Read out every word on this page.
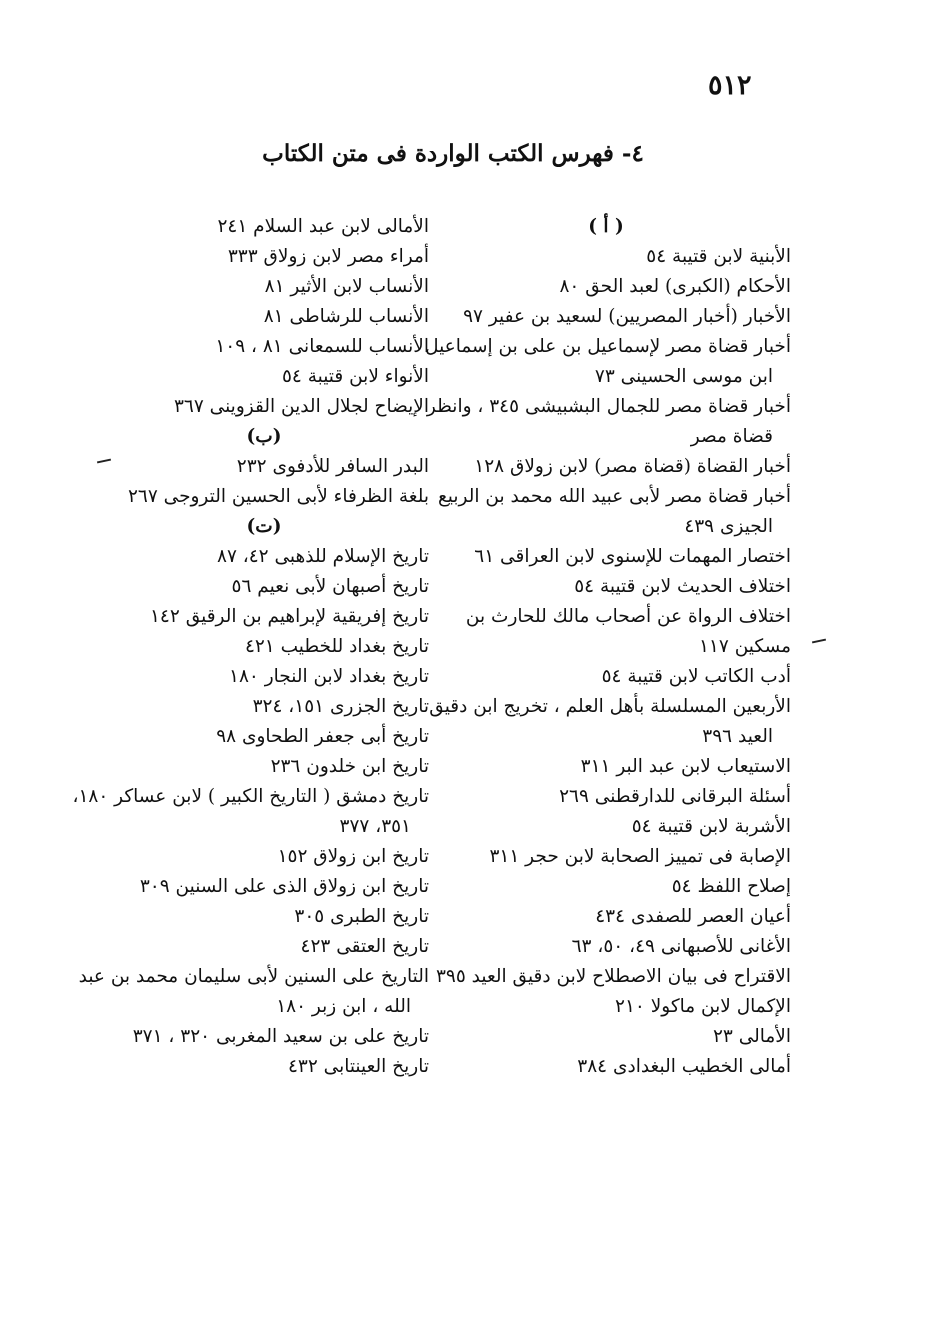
٥١٢
٤- فهرس الكتب الواردة فى متن الكتاب
( أ )
الأبنية لابن قتيبة ٥٤
الأحكام (الكبرى) لعبد الحق ٨٠
الأخبار (أخبار المصريين) لسعيد بن عفير ٩٧
أخبار قضاة مصر لإسماعيل بن على بن إسماعيل
ابن موسى الحسينى ٧٣
أخبار قضاة مصر للجمال البشبيشى ٣٤٥ ، وانظر
قضاة مصر
أخبار القضاة (قضاة مصر) لابن زولاق ١٢٨
أخبار قضاة مصر لأبى عبيد الله محمد بن الربيع
الجيزى ٤٣٩
اختصار المهمات للإسنوى لابن العراقى ٦١
اختلاف الحديث لابن قتيبة ٥٤
اختلاف الرواة عن أصحاب مالك للحارث بن
مسكين ١١٧
أدب الكاتب لابن قتيبة ٥٤
الأربعين المسلسلة بأهل العلم ، تخريج ابن دقيق
العيد ٣٩٦
الاستيعاب لابن عبد البر ٣١١
أسئلة البرقانى للدارقطنى ٢٦٩
الأشربة لابن قتيبة ٥٤
الإصابة فى تمييز الصحابة لابن حجر ٣١١
إصلاح اللفظ ٥٤
أعيان العصر للصفدى ٤٣٤
الأغانى للأصبهانى ٤٩، ٥٠، ٦٣
الاقتراح فى بيان الاصطلاح لابن دقيق العيد ٣٩٥
الإكمال لابن ماكولا ٢١٠
الأمالى ٢٣
أمالى الخطيب البغدادى ٣٨٤
الأمالى لابن عبد السلام ٢٤١
أمراء مصر لابن زولاق ٣٣٣
الأنساب لابن الأثير ٨١
الأنساب للرشاطى ٨١
الأنساب للسمعانى ٨١ ، ١٠٩
الأنواء لابن قتيبة ٥٤
الإيضاح لجلال الدين القزوينى ٣٦٧
(ب)
البدر السافر للأدفوى ٢٣٢
بلغة الظرفاء لأبى الحسين التروجى ٢٦٧
(ت)
تاريخ الإسلام للذهبى ٤٢، ٨٧
تاريخ أصبهان لأبى نعيم ٥٦
تاريخ إفريقية لإبراهيم بن الرقيق ١٤٢
تاريخ بغداد للخطيب ٤٢١
تاريخ بغداد لابن النجار ١٨٠
تاريخ الجزرى ١٥١، ٣٢٤
تاريخ أبى جعفر الطحاوى ٩٨
تاريخ ابن خلدون ٢٣٦
تاريخ دمشق ( التاريخ الكبير ) لابن عساكر ١٨٠،
٣٥١، ٣٧٧
تاريخ ابن زولاق ١٥٢
تاريخ ابن زولاق الذى على السنين ٣٠٩
تاريخ الطبرى ٣٠٥
تاريخ العتقى ٤٢٣
التاريخ على السنين لأبى سليمان محمد بن عبد
الله ، ابن زبر ١٨٠
تاريخ على بن سعيد المغربى ٣٢٠ ، ٣٧١
تاريخ العينتابى ٤٣٢
